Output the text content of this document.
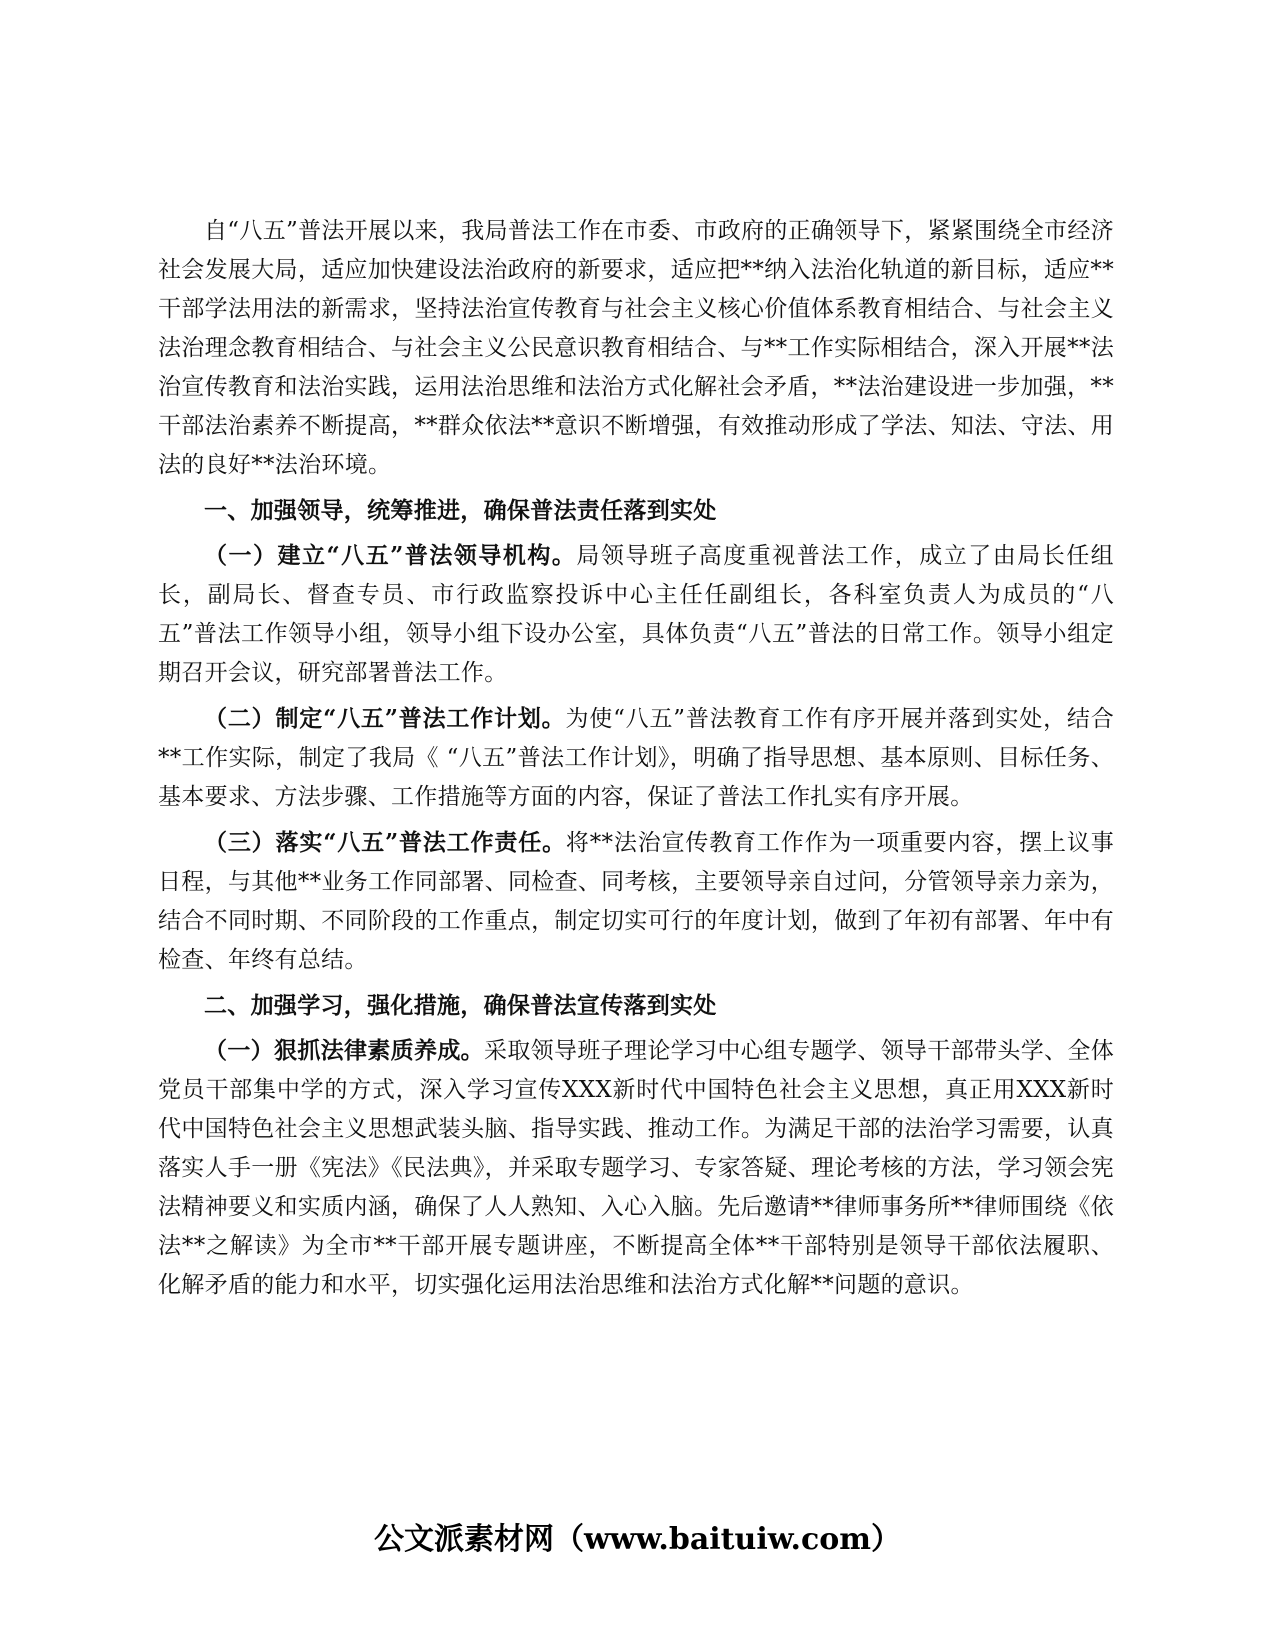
自“八五”普法开展以来，我局普法工作在市委、市政府的正确领导下，紧紧围绕全市经济社会发展大局，适应加快建设法治政府的新要求，适应把**纳入法治化轨道的新目标，适应**干部学法用法的新需求，坚持法治宣传教育与社会主义核心价值体系教育相结合、与社会主义法治理念教育相结合、与社会主义公民意识教育相结合、与**工作实际相结合，深入开展**法治宣传教育和法治实践，运用法治思维和法治方式化解社会矛盾，**法治建设进一步加强，**干部法治素养不断提高，**群众依法**意识不断增强，有效推动形成了学法、知法、守法、用法的良好**法治环境。

一、加强领导，统筹推进，确保普法责任落到实处

（一）建立“八五”普法领导机构。局领导班子高度重视普法工作，成立了由局长任组长，副局长、督查专员、市行政监察投诉中心主任任副组长，各科室负责人为成员的“八五”普法工作领导小组，领导小组下设办公室，具体负责“八五”普法的日常工作。领导小组定期召开会议，研究部署普法工作。

（二）制定“八五”普法工作计划。为使“八五”普法教育工作有序开展并落到实处，结合**工作实际，制定了我局《 “八五”普法工作计划》，明确了指导思想、基本原则、目标任务、基本要求、方法步骤、工作措施等方面的内容，保证了普法工作扎实有序开展。

（三）落实“八五”普法工作责任。将**法治宣传教育工作作为一项重要内容，摆上议事日程，与其他**业务工作同部署、同检查、同考核，主要领导亲自过问，分管领导亲力亲为，结合不同时期、不同阶段的工作重点，制定切实可行的年度计划，做到了年初有部署、年中有检查、年终有总结。

二、加强学习，强化措施，确保普法宣传落到实处

（一）狠抓法律素质养成。采取领导班子理论学习中心组专题学、领导干部带头学、全体党员干部集中学的方式，深入学习宣传XXX新时代中国特色社会主义思想，真正用XXX新时代中国特色社会主义思想武装头脑、指导实践、推动工作。为满足干部的法治学习需要，认真落实人手一册《宪法》《民法典》，并采取专题学习、专家答疑、理论考核的方法，学习领会宪法精神要义和实质内涵，确保了人人熟知、入心入脑。先后邀请**律师事务所**律师围绕《依法**之解读》为全市**干部开展专题讲座，不断提高全体**干部特别是领导干部依法履职、化解矛盾的能力和水平，切实强化运用法治思维和法治方式化解**问题的意识。

公文派素材网（www.baituiw.com）
